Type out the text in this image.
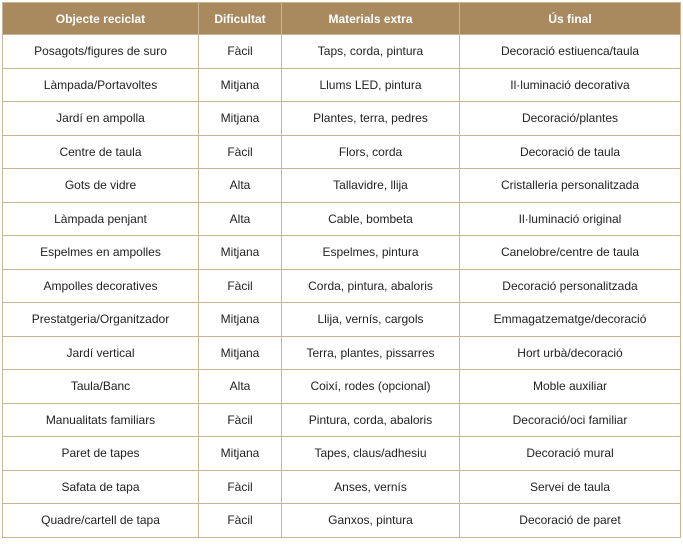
Objecte reciclat	Dificultat	Materials extra	Ús final
Posagots/figures de suro	Fàcil	Taps, corda, pintura	Decoració estiuenca/taula
Làmpada/Portavoltes	Mitjana	Llums LED, pintura	Il·luminació decorativa
Jardí en ampolla	Mitjana	Plantes, terra, pedres	Decoració/plantes
Centre de taula	Fàcil	Flors, corda	Decoració de taula
Gots de vidre	Alta	Tallavidre, llija	Cristalleria personalitzada
Làmpada penjant	Alta	Cable, bombeta	Il·luminació original
Espelmes en ampolles	Mitjana	Espelmes, pintura	Canelobre/centre de taula
Ampolles decoratives	Fàcil	Corda, pintura, abaloris	Decoració personalitzada
Prestatgeria/Organitzador	Mitjana	Llija, vernís, cargols	Emmagatzematge/decoració
Jardí vertical	Mitjana	Terra, plantes, pissarres	Hort urbà/decoració
Taula/Banc	Alta	Coixí, rodes (opcional)	Moble auxiliar
Manualitats familiars	Fàcil	Pintura, corda, abaloris	Decoració/oci familiar
Paret de tapes	Mitjana	Tapes, claus/adhesiu	Decoració mural
Safata de tapa	Fàcil	Anses, vernís	Servei de taula
Quadre/cartell de tapa	Fàcil	Ganxos, pintura	Decoració de paret
